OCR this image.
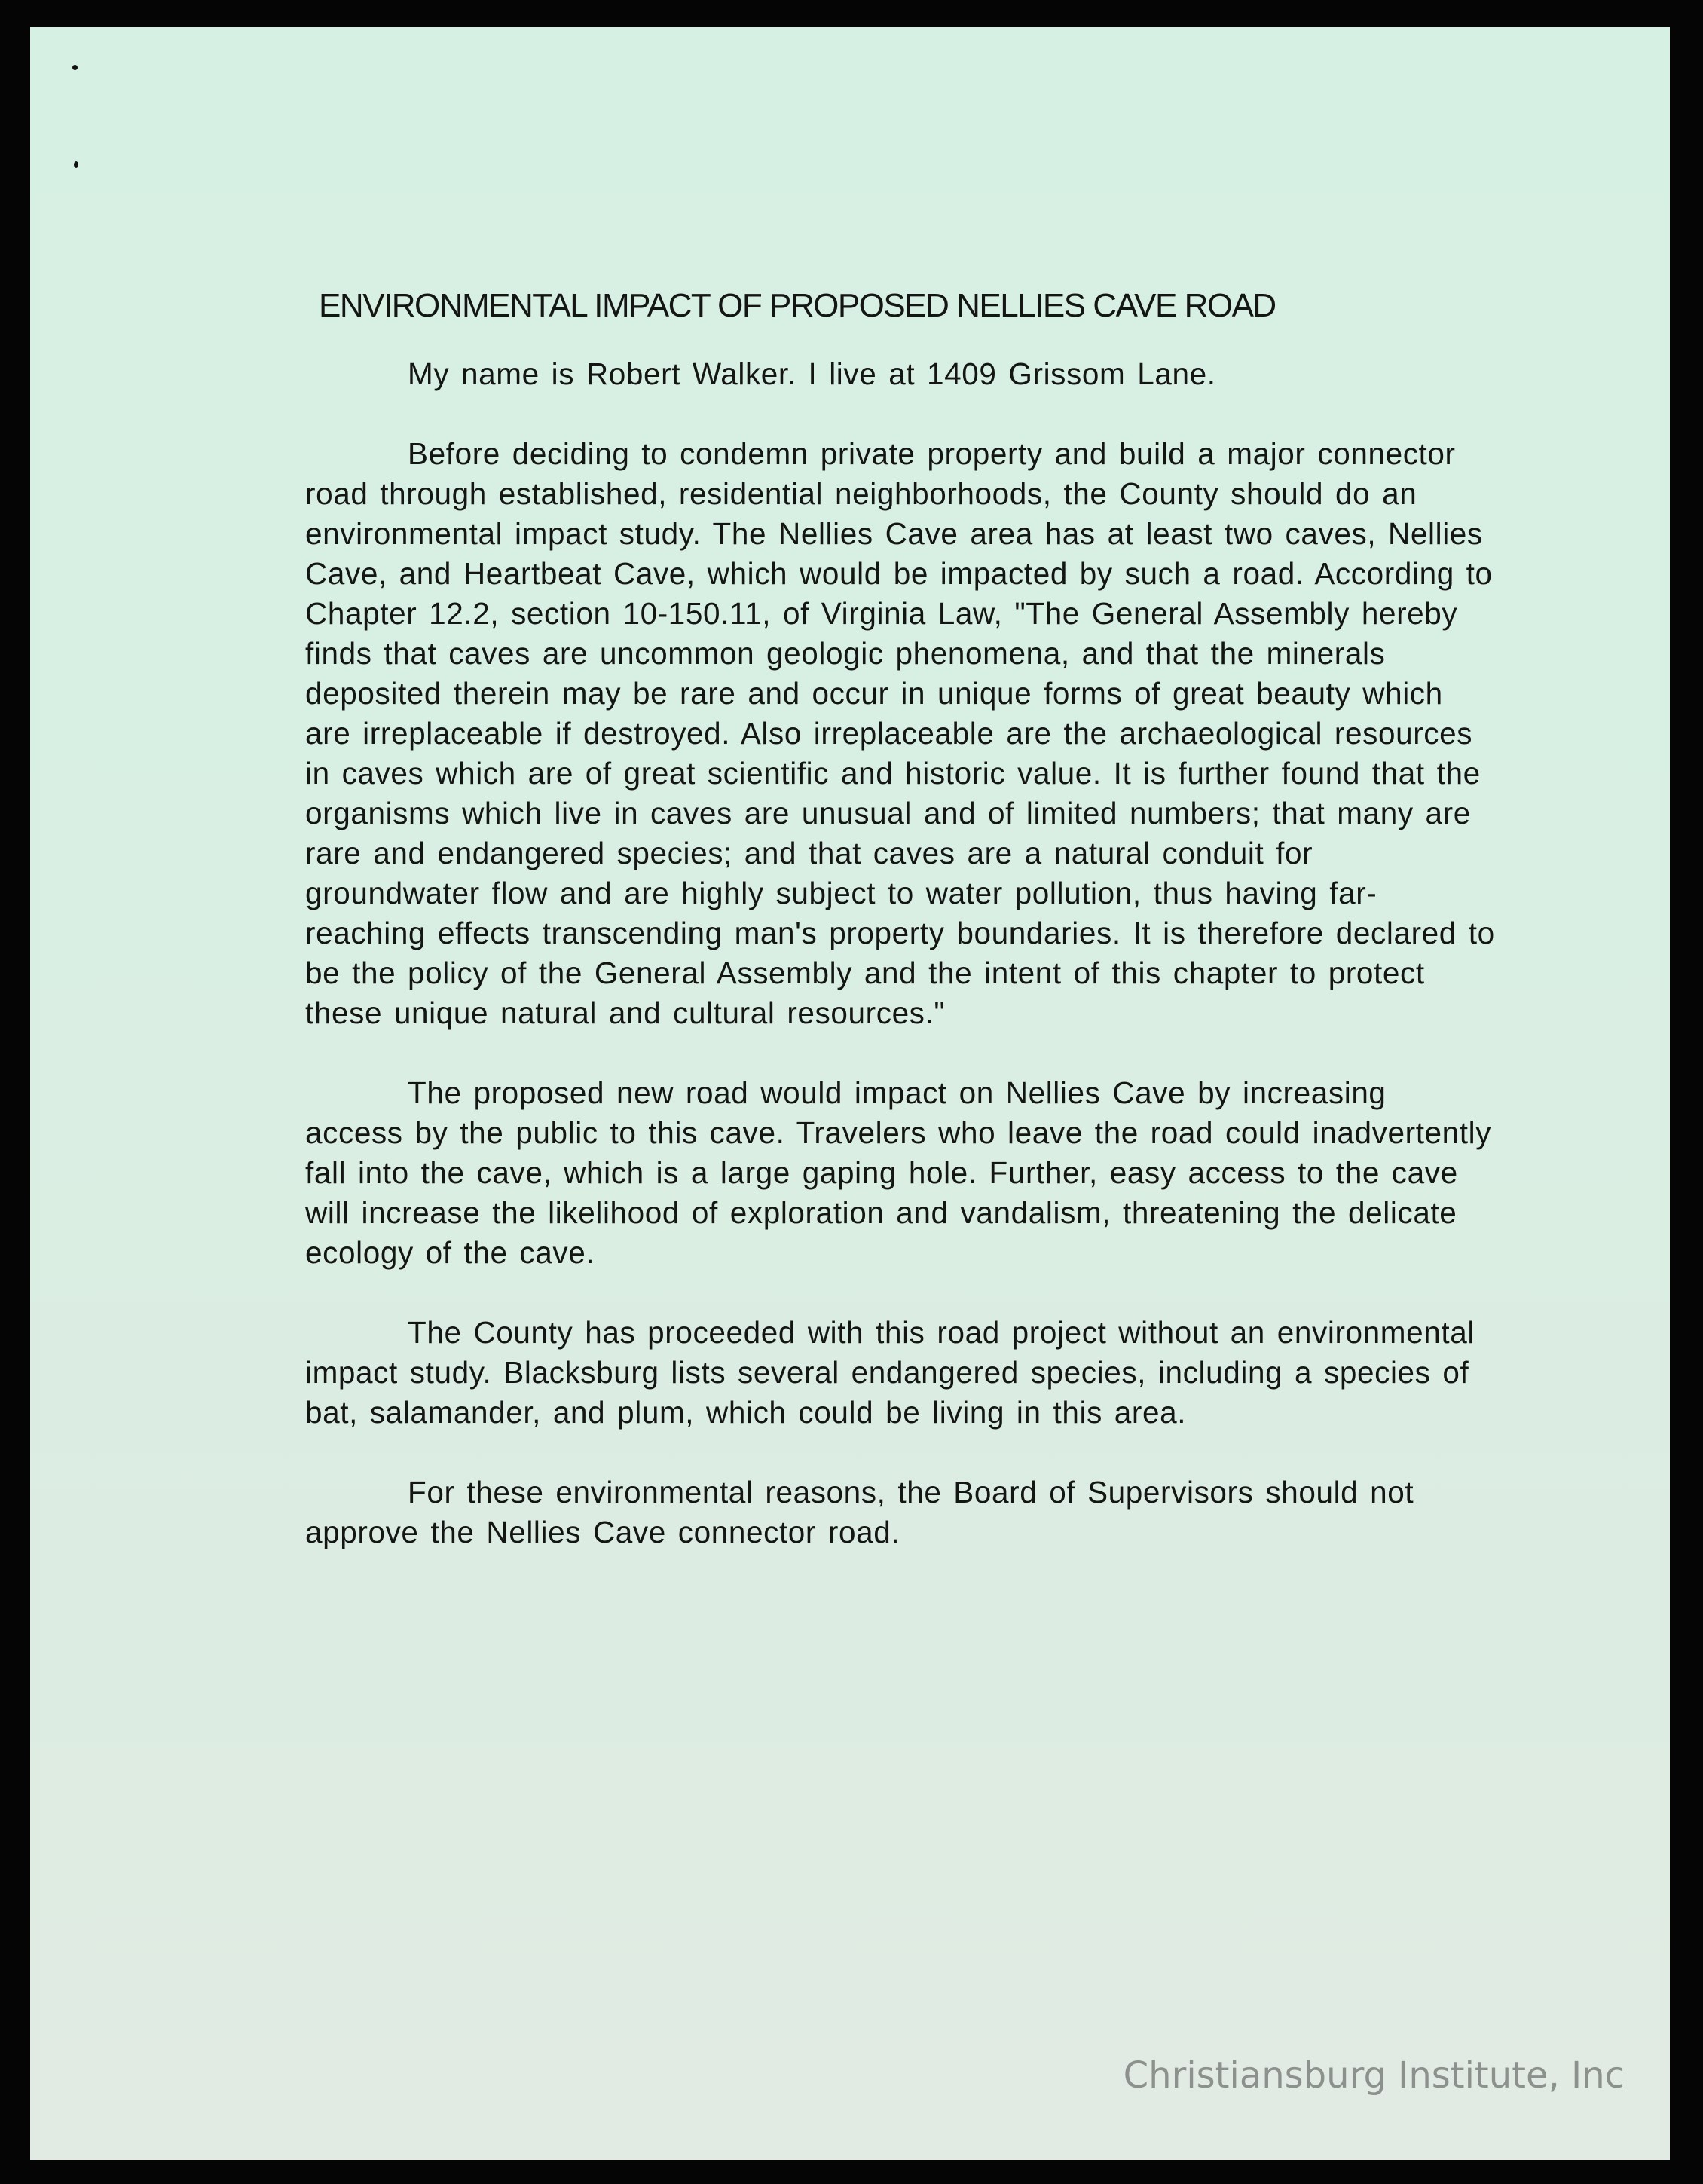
ENVIRONMENTAL IMPACT OF PROPOSED NELLIES CAVE ROAD

My name is Robert Walker. I live at 1409 Grissom Lane.

Before deciding to condemn private property and build a major connector road through established, residential neighborhoods, the County should do an environmental impact study. The Nellies Cave area has at least two caves, Nellies Cave, and Heartbeat Cave, which would be impacted by such a road. According to Chapter 12.2, section 10-150.11, of Virginia Law, "The General Assembly hereby finds that caves are uncommon geologic phenomena, and that the minerals deposited therein may be rare and occur in unique forms of great beauty which are irreplaceable if destroyed. Also irreplaceable are the archaeological resources in caves which are of great scientific and historic value. It is further found that the organisms which live in caves are unusual and of limited numbers; that many are rare and endangered species; and that caves are a natural conduit for groundwater flow and are highly subject to water pollution, thus having far-reaching effects transcending man's property boundaries. It is therefore declared to be the policy of the General Assembly and the intent of this chapter to protect these unique natural and cultural resources."

The proposed new road would impact on Nellies Cave by increasing access by the public to this cave. Travelers who leave the road could inadvertently fall into the cave, which is a large gaping hole. Further, easy access to the cave will increase the likelihood of exploration and vandalism, threatening the delicate ecology of the cave.

The County has proceeded with this road project without an environmental impact study. Blacksburg lists several endangered species, including a species of bat, salamander, and plum, which could be living in this area.

For these environmental reasons, the Board of Supervisors should not approve the Nellies Cave connector road.

Christiansburg Institute, Inc
